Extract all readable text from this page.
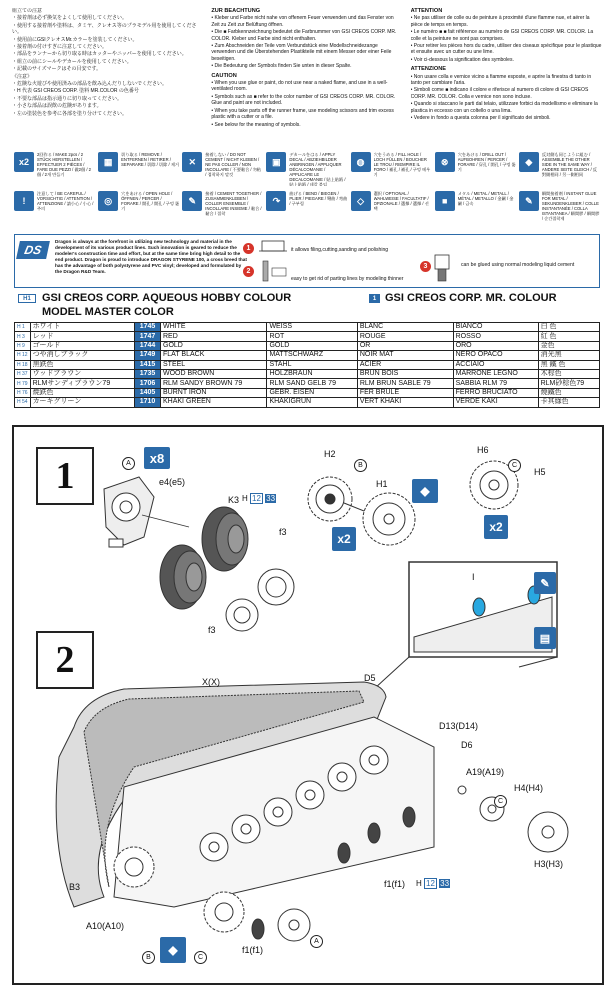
組立ての注意

・接着剤は必ず換気をよくして使用してください。

・使用する接着剤や塗料は、タミヤ、クレオス等のプラモデル用を使用してください。

・使用前にGSIクレオスMr.カラーを塗装してください。

・接着剤の付けすぎに注意してください。

・部品をランナーから切り取る時はカッターやニッパーを使用してください。

・組立の前にシールやデカールを使用してください。

・記載のサイズマークはその目安です。

《注意》

・危険な火遊びや使用済みの部品を飲み込んだりしないでください。

・H 代表 GSI CREOS CORP. 塗料 MR.COLOR の色番号

・不要な部品は指示通りに切り取ってください。

・小さな部品は誤飲の危険があります。

・左の塗装色を参考に各部を塗り分けてください。

ZUR BEACHTUNG

• Kleber und Farbe nicht nahe von offenem Feuer verwenden und das Fenster von Zeit zu Zeit zur Belüftung öffnen.

• Die ■ Farbkennzeichnung bedeutet die Farbnummer von GSI CREOS CORP. MR. COLOR. Kleber und Farbe sind nicht enthalten.

• Zum Abschneiden der Teile vom Verbundstück eine Modellschneidezange verwenden und die Überstehenden Plastikteile mit einem Messer oder einer Feile beseitigen.

• Die Bedeutung der Symbols finden Sie unten in dieser Spalte.

CAUTION

• When you use glue or paint, do not use near a naked flame, and use in a well-ventilated room.

• Symbols such as ■ refer to the color number of GSI CREOS CORP. MR. COLOR. Glue and paint are not included.

• When you take parts off the runner frame, use modeling scissors and trim excess plastic with a cutter or a file.

• See below for the meaning of symbols.

ATTENTION

• Ne pas utiliser de colle ou de peinture à proximité d'une flamme nue, et aérer la pièce de temps en temps.

• Le numéro ■ ■ fait référence au numéro de GSI CREOS CORP. MR. COLOR. La colle et la peinture ne sont pas comprises.

• Pour retirer les pièces hors du cadre, utiliser des ciseaux spécifique pour le plastique et ensuite avec un cutter ou une lime.

• Voir ci-dessous la signification des symboles.

ATTENZIONE

• Non usare colla e vernice vicino a fiamme esposte, e aprire la finestra di tanto in tanto per cambiare l'aria.

• Simboli come ■ indicano il colore e riferisce al numero di colore di GSI CREOS CORP. MR. COLOR. Colla e vernice non sono incluse.

• Quando si staccano le parti dal telaio, utilizzare forbici da modellismo e eliminare la plastica in eccesso con un coltello o una lima.

• Vedere in fondo a questa colonna per il significato dei simboli.

x2
2回作る / MAKE 2pcs / 2 STÜCK HERSTELLEN / EFFECTUER 2 PIÈCES / FARE DUE PEZZI / 做2個 / 2個 / 2개 만들기
▦
切り取る / REMOVE / ENTFERNEN / RETIRER / SEPARARE / 切除 / 切除 / 제거	✕
接着しない / DO NOT CEMENT / NICHT KLEBEN / NE PAS COLLER / NON INCOLLARE / 不要黏合 / 勿粘 / 접착하지 말것
▣
デカールをはる / APPLY DECAL / ABZIEHBILDER ANBRINGEN / APPLIQUER DÉCALCOMANIE / APPLICARE LE DECALCOMANIE / 貼上貼紙 / 貼上貼紙 / 데칼 붙임
◍
穴をうめる / FILL HOLE / LOCH FÜLLEN / BOUCHER LE TROU / RIEMPIRE IL FORO / 補孔 / 補孔 / 구멍 메우기
⊗
穴をあける / DRILL OUT / AUFBOHREN / PERCER / FORARE / 穿孔 / 開孔 / 구멍 뚫기
◆
反対側も同じように組む / ASSEMBLE THE OTHER SIDE IN THE SAME WAY / ANDERE SEITE GLEICH / 反對側相同 / 另一側相同
!
注意して / BE CAREFUL / VORSICHTIG / ATTENTION / ATTENZIONE / 請小心 / 小心 / 주의
◎
穴をあける / OPEN HOLE / ÖFFNEN / PERCER / FORARE / 開孔 / 開孔 / 구멍 뚫기
✎
接着 / CEMENT TOGETHER / ZUSAMMENKLEBEN / COLLER ENSEMBLE / INCOLLARE INSIEME / 黏合 / 黏合 / 접착
↷
曲げる / BEND / BIEGEN / PLIER / PIEGARE / 彎曲 / 弯曲 / 구부림	◇
選択 / OPTIONAL / WAHLWEISE / FACULTATIF / OPZIONALE / 選擇 / 選擇 / 선택
■
メタル / METAL / METALL / MÉTAL / METALLO / 金屬 / 金屬 / 금속	✎
瞬間接着剤 / INSTANT GLUE FOR METAL / SEKUNDENKLEBER / COLLE INSTANTANÉE / COLLA ISTANTANEA / 瞬間膠 / 瞬間膠 / 순간접착제
DS
Dragon is always at the forefront in utilizing new technology and material in the development of its various product lines. Such innovation is geared to reduce the modeler's construction time and effort, but at the same time bring high detail to the end product. Dragon is proud to introduce DRAGON STYRENE 100, a cross breed that has the advantage of both polystyrene and PVC vinyl; developed and formulated by the Dragon R&D Team.
1	it allows filing,cutting,sanding and polishing
2
easy to get rid of parting lines by modeling thinner
3	can be glued using normal modeling liquid cement
H 1 GSI CREOS CORP. AQUEOUS HOBBY COLOUR
MODEL MASTER COLOR
1 GSI CREOS CORP. MR. COLOUR
H 1	ホワイト	1745	WHITE	WEISS	BLANC	BIANCO	白 色
H 3	レッド	1747	RED	ROT	ROUGE	ROSSO	紅 色
H 9	ゴールド	1744	GOLD	GOLD	OR	ORO	金色
H 12	つや消しブラック	1749	FLAT BLACK	MATTSCHWARZ	NOIR MAT	NERO OPACO	消光黑
H 18	黒鉄色	1415	STEEL	STAHL	ACIER	ACCIAIO	黑 鐵 色
H 37	ウッドブラウン	1735	WOOD BROWN	HOLZBRAUN	BRUN BOIS	MARRONE LEGNO	木棕色
H 79	RLMサンディブラウン79	1706	RLM SANDY BROWN 79	RLM SAND GELB 79	RLM BRUN SABLE 79	SABBIA RLM 79	RLM砂棕色79
H 76	焼鉄色	1405	BURNT IRON	GEBR. EISEN	FER BRULÉ	FERRO BRUCIATO	燒鐵色
H 54	カーキグリーン	1710	KHAKI GREEN	KHAKIGRÜN	VERT KHAKI	VERDE KAKI	卡其綠色
1
2
A	x8
e4(e5)
K3 H 12 33
f3
f3
H2
B
H1	◆
x2
H6
C
H5
x2
I
✎
▤
X(X)	D5
D13(D14)
D6
A19(A19)
H4(H4)
C
H3(H3)
B3
A10(A10)
f1(f1) H 12 33
f1(f1)
A
B
◆
C
